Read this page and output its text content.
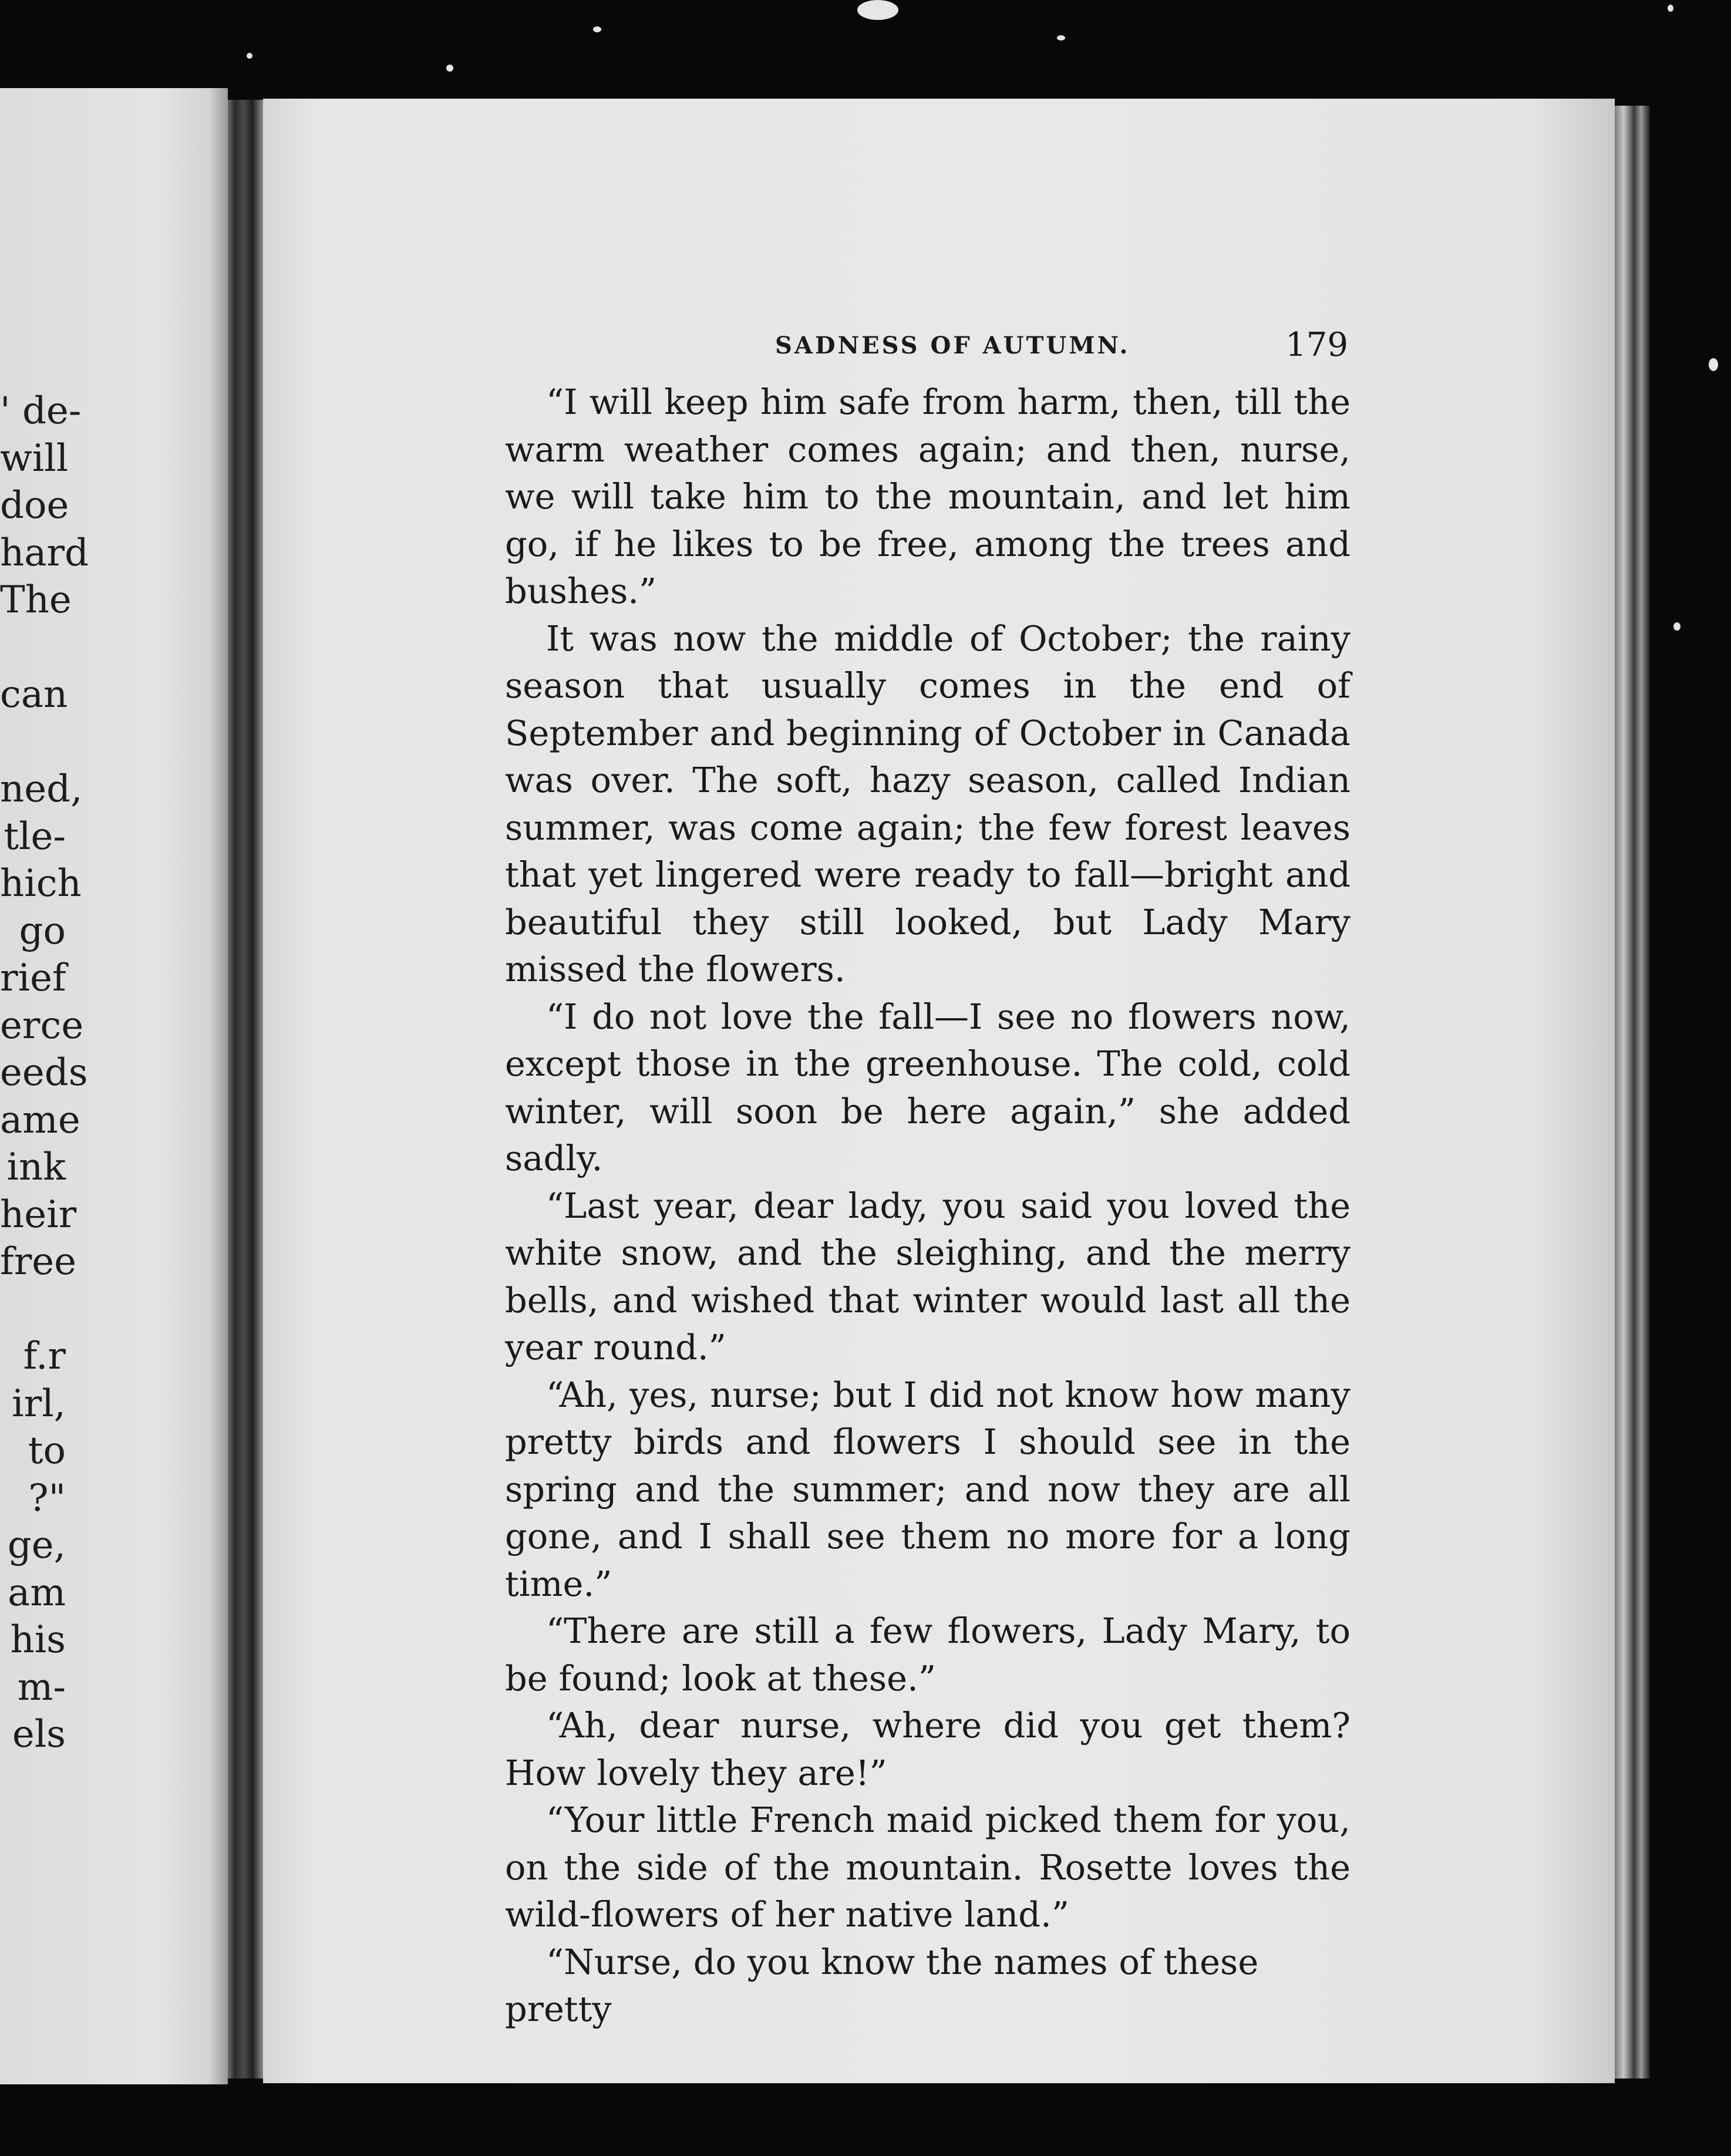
' de-
will
doe
hard
The
can
ned,
tle-
hich
go
rief
erce
eeds
ame
ink
heir
free
f.r
irl,
to
?"
ge,
am
his
m-
els
SADNESS OF AUTUMN.	179

“I will keep him safe from harm, then, till the warm weather comes again; and then, nurse, we will take him to the mountain, and let him go, if he likes to be free, among the trees and bushes.”

It was now the middle of October; the rainy season that usually comes in the end of September and beginning of October in Canada was over. The soft, hazy season, called Indian summer, was come again; the few forest leaves that yet lingered were ready to fall—bright and beautiful they still looked, but Lady Mary missed the flowers.

“I do not love the fall—I see no flowers now, except those in the greenhouse. The cold, cold winter, will soon be here again,” she added sadly.

“Last year, dear lady, you said you loved the white snow, and the sleighing, and the merry bells, and wished that winter would last all the year round.”

“Ah, yes, nurse; but I did not know how many pretty birds and flowers I should see in the spring and the summer; and now they are all gone, and I shall see them no more for a long time.”

“There are still a few flowers, Lady Mary, to be found; look at these.”

“Ah, dear nurse, where did you get them? How lovely they are!”

“Your little French maid picked them for you, on the side of the mountain. Rosette loves the wild-flowers of her native land.”

“Nurse, do you know the names of these pretty
